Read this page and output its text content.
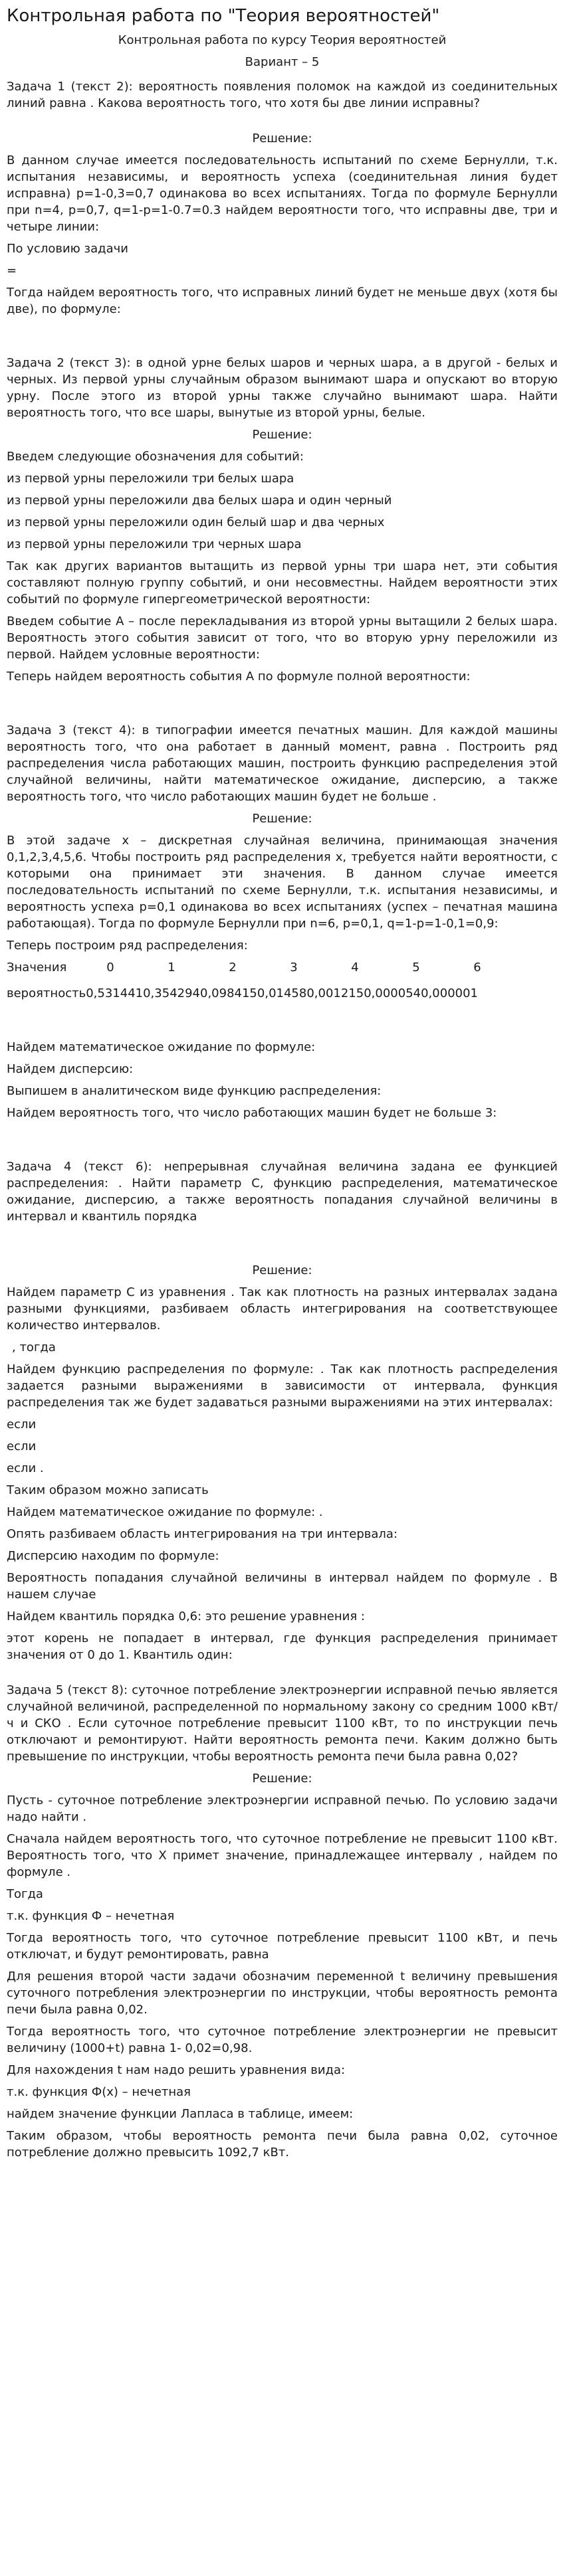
Контрольная работа по "Теория вероятностей"
Контрольная работа по курсу Теория вероятностей
Вариант – 5

Задача 1 (текст 2): вероятность появления поломок на каждой из соединительных линий равна . Какова вероятность того, что хотя бы две линии исправны?

Решение:

В данном случае имеется последовательность испытаний по схеме Бернулли, т.к. испытания независимы, и вероятность успеха (соединительная линия будет исправна) p=1-0,3=0,7 одинакова во всех испытаниях. Тогда по формуле Бернулли при n=4, p=0,7, q=1-p=1-0.7=0.3 найдем вероятности того, что исправны две, три и четыре линии:

По условию задачи

=

Тогда найдем вероятность того, что исправных линий будет не меньше двух (хотя бы две), по формуле:

Задача 2 (текст 3): в одной урне белых шаров и черных шара, а в другой - белых и черных. Из первой урны случайным образом вынимают шара и опускают во вторую урну. После этого из второй урны также случайно вынимают шара. Найти вероятность того, что все шары, вынутые из второй урны, белые.

Решение:

Введем следующие обозначения для событий:

из первой урны переложили три белых шара

из первой урны переложили два белых шара и один черный

из первой урны переложили один белый шар и два черных

из первой урны переложили три черных шара

Так как других вариантов вытащить из первой урны три шара нет, эти события составляют полную группу событий, и они несовместны. Найдем вероятности этих событий по формуле гипергеометрической вероятности:

Введем событие А – после перекладывания из второй урны вытащили 2 белых шара. Вероятность этого события зависит от того, что во вторую урну переложили из первой. Найдем условные вероятности:

Теперь найдем вероятность события А по формуле полной вероятности:

Задача 3 (текст 4): в типографии имеется печатных машин. Для каждой машины вероятность того, что она работает в данный момент, равна . Построить ряд распределения числа работающих машин, построить функцию распределения этой случайной величины, найти математическое ожидание, дисперсию, а также вероятность того, что число работающих машин будет не больше .

Решение:

В этой задаче х – дискретная случайная величина, принимающая значения 0,1,2,3,4,5,6. Чтобы построить ряд распределения х, требуется найти вероятности, с которыми она принимает эти значения. В данном случае имеется последовательность испытаний по схеме Бернулли, т.к. испытания независимы, и вероятность успеха p=0,1 одинакова во всех испытаниях (успех – печатная машина работающая). Тогда по формуле Бернулли при n=6, p=0,1, q=1-p=1-0,1=0,9:

Теперь построим ряд распределения:

Значения	0	1	2	3	4	5	6
вероятность 0,531441 0,354294 0,098415 0,01458 0,001215 0,000054 0,000001

Найдем математическое ожидание по формуле:

Найдем дисперсию:

Выпишем в аналитическом виде функцию распределения:

Найдем вероятность того, что число работающих машин будет не больше 3:

Задача 4 (текст 6): непрерывная случайная величина задана ее функцией распределения: . Найти параметр С, функцию распределения, математическое ожидание, дисперсию, а также вероятность попадания случайной величины в интервал и квантиль порядка

Решение:

Найдем параметр С из уравнения . Так как плотность на разных интервалах задана разными функциями, разбиваем область интегрирования на соответствующее количество интервалов.

, тогда

Найдем функцию распределения по формуле: . Так как плотность распределения задается разными выражениями в зависимости от интервала, функция распределения так же будет задаваться разными выражениями на этих интервалах:

если

если

если .

Таким образом можно записать

Найдем математическое ожидание по формуле: .

Опять разбиваем область интегрирования на три интервала:

Дисперсию находим по формуле:

Вероятность попадания случайной величины в интервал найдем по формуле . В нашем случае

Найдем квантиль порядка 0,6: это решение уравнения :

этот корень не попадает в интервал, где функция распределения принимает значения от 0 до 1. Квантиль один:

Задача 5 (текст 8): суточное потребление электроэнергии исправной печью является случайной величиной, распределенной по нормальному закону со средним 1000 кВт/ч и СКО . Если суточное потребление превысит 1100 кВт, то по инструкции печь отключают и ремонтируют. Найти вероятность ремонта печи. Каким должно быть превышение по инструкции, чтобы вероятность ремонта печи была равна 0,02?

Решение:

Пусть - суточное потребление электроэнергии исправной печью. По условию задачи надо найти .

Сначала найдем вероятность того, что суточное потребление не превысит 1100 кВт. Вероятность того, что Х примет значение, принадлежащее интервалу , найдем по формуле .

Тогда

т.к. функция Ф – нечетная

Тогда вероятность того, что суточное потребление превысит 1100 кВт, и печь отключат, и будут ремонтировать, равна

Для решения второй части задачи обозначим переменной t величину превышения суточного потребления электроэнергии по инструкции, чтобы вероятность ремонта печи была равна 0,02.

Тогда вероятность того, что суточное потребление электроэнергии не превысит величину (1000+t) равна 1- 0,02=0,98.

Для нахождения t нам надо решить уравнения вида:

т.к. функция Ф(х) – нечетная

найдем значение функции Лапласа в таблице, имеем:

Таким образом, чтобы вероятность ремонта печи была равна 0,02, суточное потребление должно превысить 1092,7 кВт.
